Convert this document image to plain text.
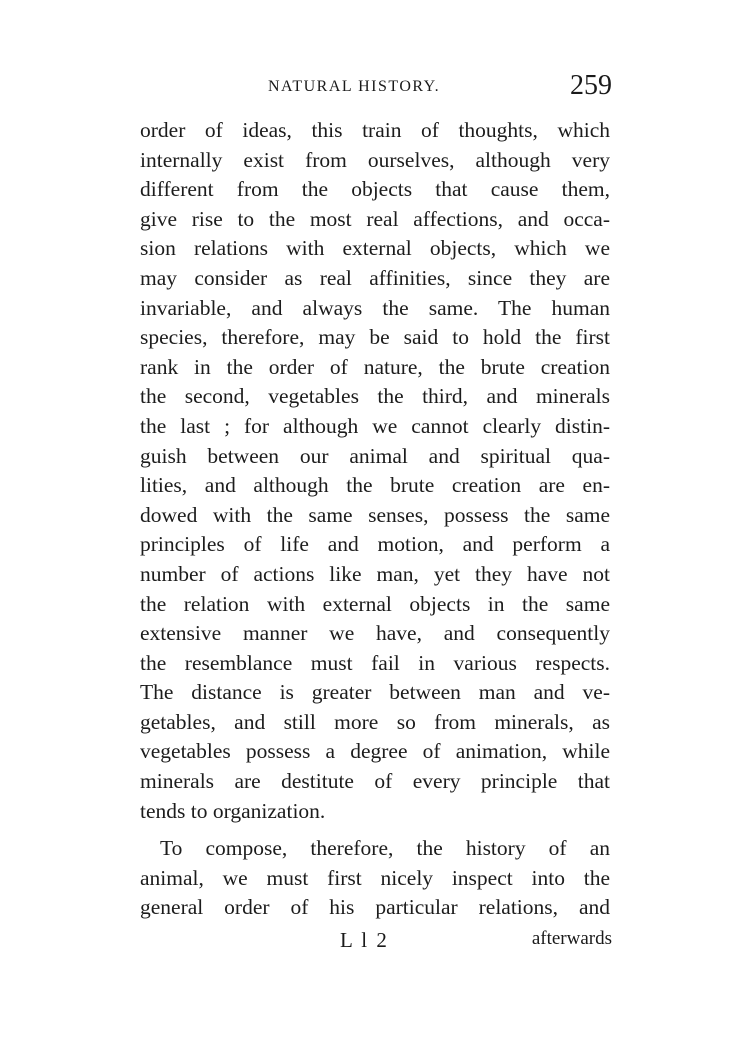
NATURAL HISTORY.	259
order of ideas, this train of thoughts, which
internally exist from ourselves, although very
different from the objects that cause them,
give rise to the most real affections, and occa-
sion relations with external objects, which we
may consider as real affinities, since they are
invariable, and always the same. The human
species, therefore, may be said to hold the first
rank in the order of nature, the brute creation
the second, vegetables the third, and minerals
the last ; for although we cannot clearly distin-
guish between our animal and spiritual qua-
lities, and although the brute creation are en-
dowed with the same senses, possess the same
principles of life and motion, and perform a
number of actions like man, yet they have not
the relation with external objects in the same
extensive manner we have, and consequently
the resemblance must fail in various respects.
The distance is greater between man and ve-
getables, and still more so from minerals, as
vegetables possess a degree of animation, while
minerals are destitute of every principle that
tends to organization.
To compose, therefore, the history of an
animal, we must first nicely inspect into the
general order of his particular relations, and
L l 2	afterwards
